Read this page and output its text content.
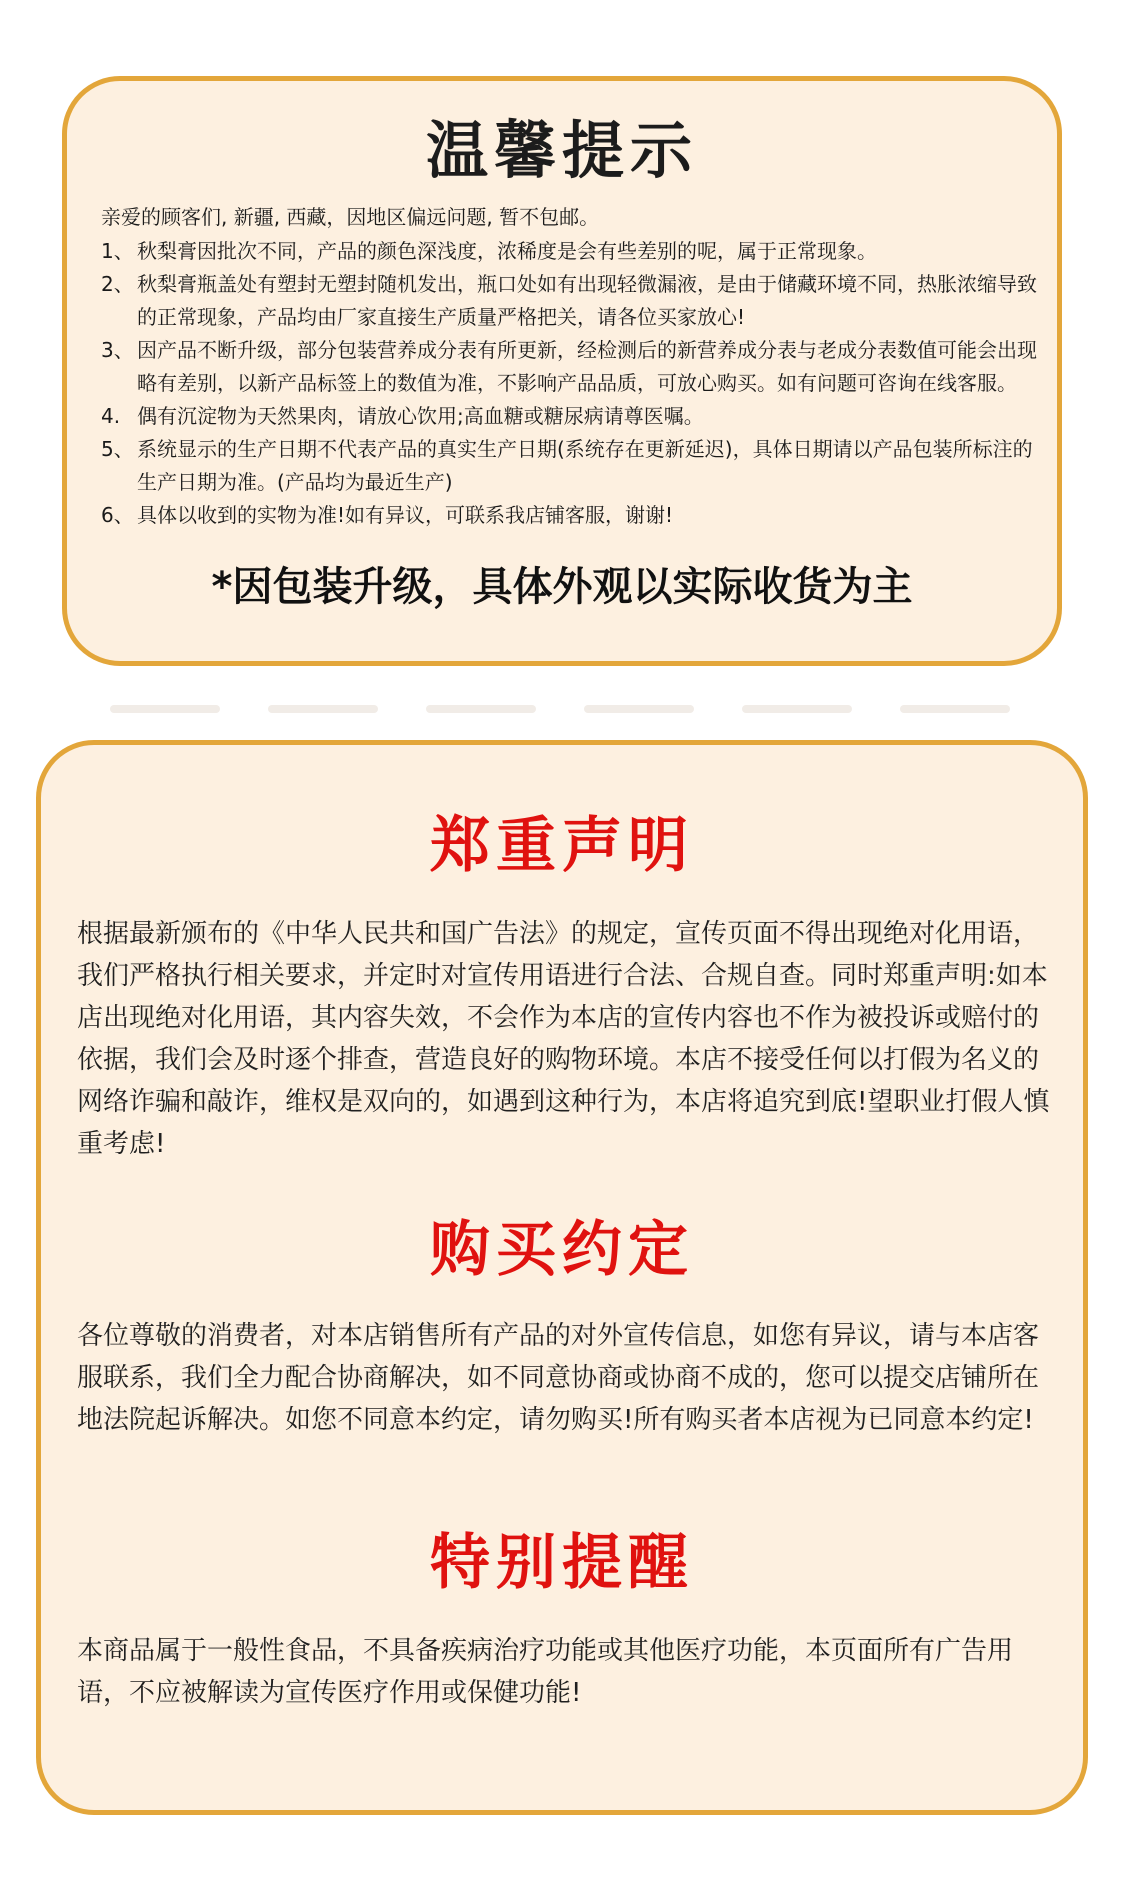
温馨提示

亲爱的顾客们, 新疆, 西藏，因地区偏远问题, 暂不包邮。

1、 秋梨膏因批次不同，产品的颜色深浅度，浓稀度是会有些差别的呢，属于正常现象。
2、 秋梨膏瓶盖处有塑封无塑封随机发出，瓶口处如有出现轻微漏液，是由于储藏环境不同，热胀浓缩导致的正常现象，产品均由厂家直接生产质量严格把关，请各位买家放心!
3、 因产品不断升级，部分包装营养成分表有所更新，经检测后的新营养成分表与老成分表数值可能会出现略有差别，以新产品标签上的数值为准，不影响产品品质，可放心购买。如有问题可咨询在线客服。
4. 偶有沉淀物为天然果肉，请放心饮用;高血糖或糖尿病请尊医嘱。
5、 系统显示的生产日期不代表产品的真实生产日期(系统存在更新延迟)，具体日期请以产品包装所标注的生产日期为准。(产品均为最近生产)
6、 具体以收到的实物为准!如有异议，可联系我店铺客服，谢谢!
*因包装升级，具体外观以实际收货为主
郑重声明

根据最新颁布的《中华人民共和国广告法》的规定，宣传页面不得出现绝对化用语，我们严格执行相关要求，并定时对宣传用语进行合法、合规自查。同时郑重声明:如本店出现绝对化用语，其内容失效，不会作为本店的宣传内容也不作为被投诉或赔付的依据，我们会及时逐个排查，营造良好的购物环境。本店不接受任何以打假为名义的网络诈骗和敲诈，维权是双向的，如遇到这种行为，本店将追究到底!望职业打假人慎重考虑!

购买约定

各位尊敬的消费者，对本店销售所有产品的对外宣传信息，如您有异议，请与本店客服联系，我们全力配合协商解决，如不同意协商或协商不成的，您可以提交店铺所在地法院起诉解决。如您不同意本约定，请勿购买!所有购买者本店视为已同意本约定!

特别提醒

本商品属于一般性食品，不具备疾病治疗功能或其他医疗功能，本页面所有广告用语，不应被解读为宣传医疗作用或保健功能!
